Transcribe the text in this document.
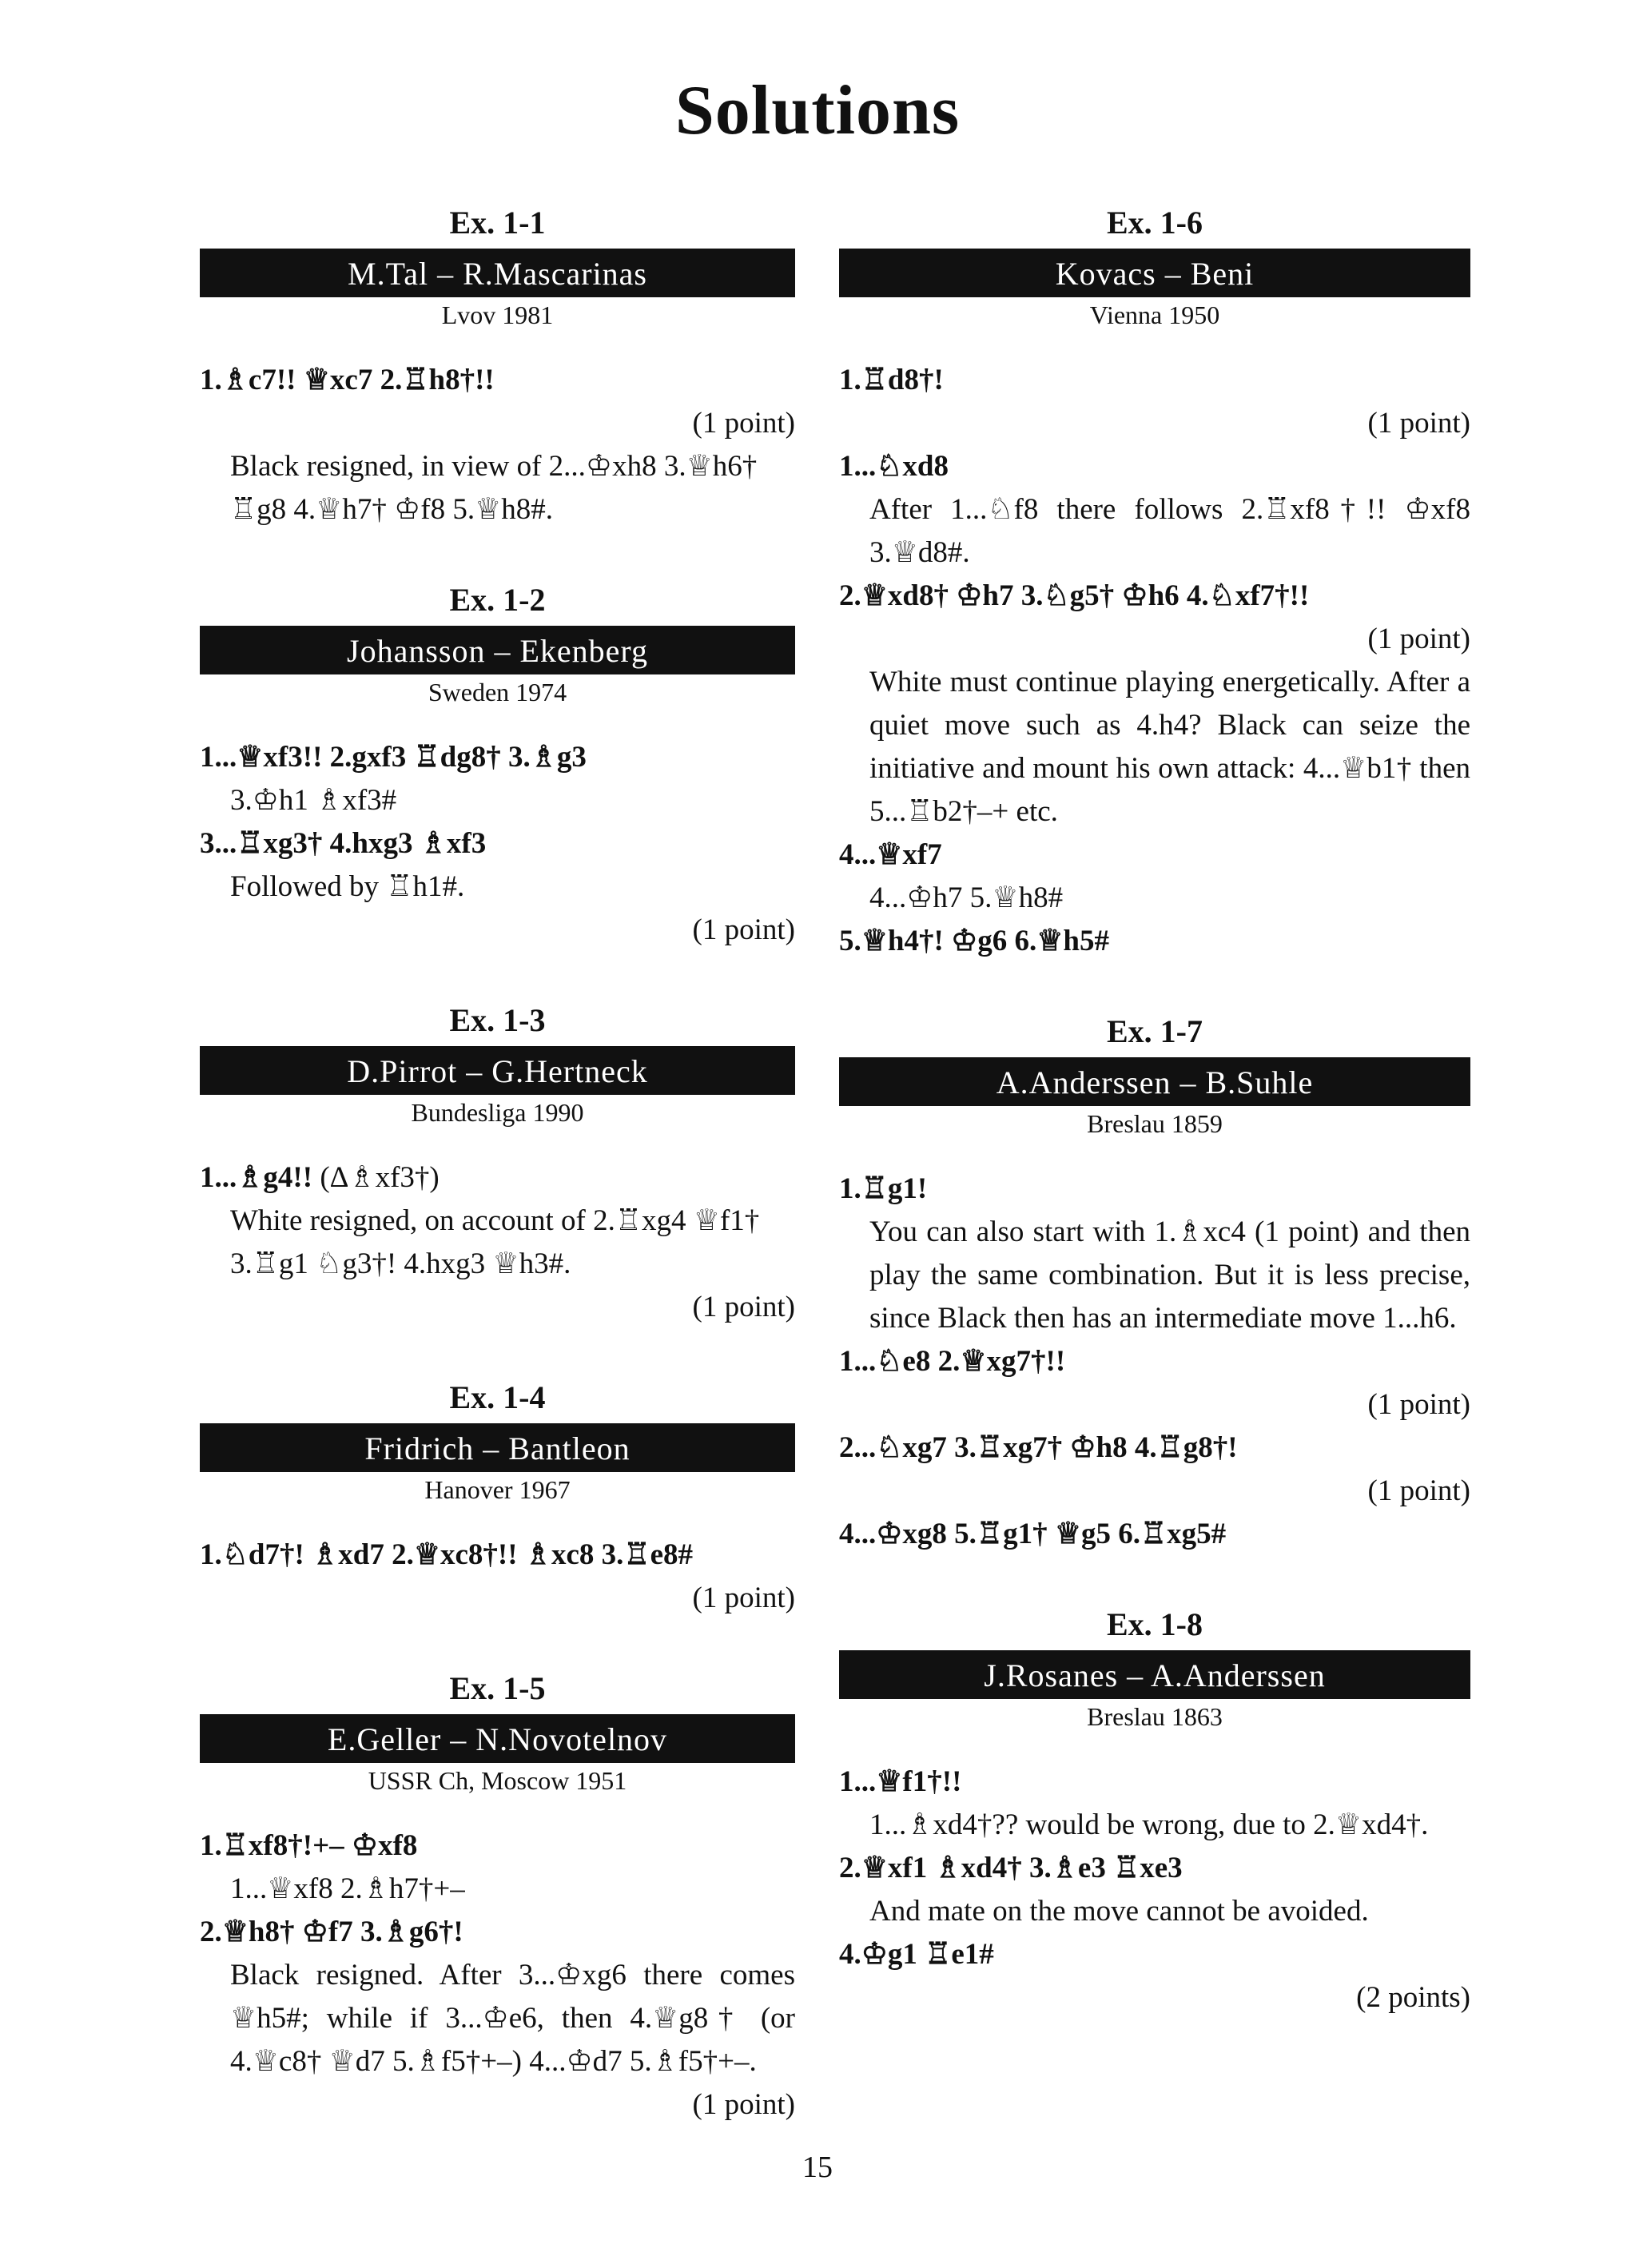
Solutions
Ex. 1-1
M.Tal – R.Mascarinas
Lvov 1981
1.♗c7!! ♕xc7 2.♖h8†!!
(1 point)
Black resigned, in view of 2...♔xh8 3.♕h6† ♖g8 4.♕h7† ♔f8 5.♕h8#.
Ex. 1-2
Johansson – Ekenberg
Sweden 1974
1...♕xf3!! 2.gxf3 ♖dg8† 3.♗g3
3.♔h1 ♗xf3#
3...♖xg3† 4.hxg3 ♗xf3
Followed by ♖h1#.
(1 point)
Ex. 1-3
D.Pirrot – G.Hertneck
Bundesliga 1990
1...♗g4!! (Δ♗xf3†)
White resigned, on account of 2.♖xg4 ♕f1† 3.♖g1 ♘g3†! 4.hxg3 ♕h3#.
(1 point)
Ex. 1-4
Fridrich – Bantleon
Hanover 1967
1.♘d7†! ♗xd7 2.♕xc8†!! ♗xc8 3.♖e8#
(1 point)
Ex. 1-5
E.Geller – N.Novotelnov
USSR Ch, Moscow 1951
1.♖xf8†!+– ♔xf8
1...♕xf8 2.♗h7†+–
2.♕h8† ♔f7 3.♗g6†!
Black resigned. After 3...♔xg6 there comes ♕h5#; while if 3...♔e6, then 4.♕g8† (or 4.♕c8† ♕d7 5.♗f5†+–) 4...♔d7 5.♗f5†+–.
(1 point)
Ex. 1-6
Kovacs – Beni
Vienna 1950
1.♖d8†!
(1 point)
1...♘xd8
After 1...♘f8 there follows 2.♖xf8†!! ♔xf8 3.♕d8#.
2.♕xd8† ♔h7 3.♘g5† ♔h6 4.♘xf7†!!
(1 point)
White must continue playing energetically. After a quiet move such as 4.h4? Black can seize the initiative and mount his own attack: 4...♕b1† then 5...♖b2†–+ etc.
4...♕xf7
4...♔h7 5.♕h8#
5.♕h4†! ♔g6 6.♕h5#
Ex. 1-7
A.Anderssen – B.Suhle
Breslau 1859
1.♖g1!
You can also start with 1.♗xc4 (1 point) and then play the same combination. But it is less precise, since Black then has an intermediate move 1...h6.
1...♘e8 2.♕xg7†!!
(1 point)
2...♘xg7 3.♖xg7† ♔h8 4.♖g8†!
(1 point)
4...♔xg8 5.♖g1† ♕g5 6.♖xg5#
Ex. 1-8
J.Rosanes – A.Anderssen
Breslau 1863
1...♕f1†!!
1...♗xd4†?? would be wrong, due to 2.♕xd4†.
2.♕xf1 ♗xd4† 3.♗e3 ♖xe3
And mate on the move cannot be avoided.
4.♔g1 ♖e1#
(2 points)
15
